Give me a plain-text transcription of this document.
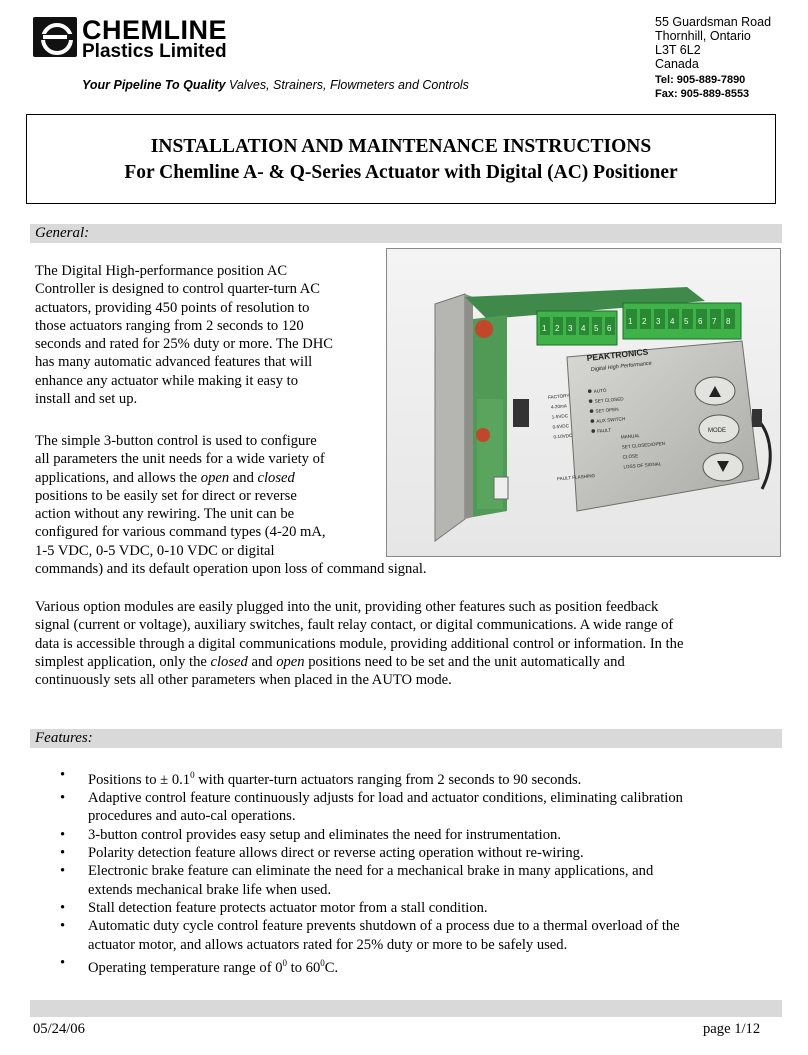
CHEMLINE
Plastics Limited
Your Pipeline To Quality Valves, Strainers, Flowmeters and Controls
55 Guardsman Road
Thornhill, Ontario
L3T 6L2
Canada
Tel: 905-889-7890
Fax: 905-889-8553
INSTALLATION AND MAINTENANCE INSTRUCTIONS
For Chemline A- & Q-Series Actuator with Digital (AC) Positioner
General:
The Digital High-performance position AC
Controller is designed to control quarter-turn AC
actuators, providing 450 points of resolution to
those actuators ranging from 2 seconds to 120
seconds and rated for 25% duty or more. The DHC
has many automatic advanced features that will
enhance any actuator while making it easy to
install and set up.
The simple 3-button control is used to configure
all parameters the unit needs for a wide variety of
applications, and allows the open and closed
positions to be easily set for direct or reverse
action without any rewiring. The unit can be
configured for various command types (4-20 mA,
1-5 VDC, 0-5 VDC, 0-10 VDC or digital
commands) and its default operation upon loss of command signal.
Various option modules are easily plugged into the unit, providing other features such as position feedback
signal (current or voltage), auxiliary switches, fault relay contact, or digital communications. A wide range of
data is accessible through a digital communications module, providing additional control or information. In the
simplest application, only the closed and open positions need to be set and the unit automatically and
continuously sets all other parameters when placed in the AUTO mode.
1 2 3 4 5 6
1 2 3 4 5 6 7 8
PEAKTRONICS
Digital High Performance
AUTO
SET CLOSED
SET OPEN
AUX SWITCH
FAULT
MANUAL
SET CLOSED/OPEN
CLOSE
LOSS OF SIGNAL
FACTORY
4-20mA
1-5VDC
0-5VDC
0-10VDC
FAULT FLASHING
MODE
Features:
• Positions to ± $0.1^0$ with quarter-turn actuators ranging from 2 seconds to 90 seconds.
• Adaptive control feature continuously adjusts for load and actuator conditions, eliminating calibration
procedures and auto-cal operations.
• 3-button control provides easy setup and eliminates the need for instrumentation.
• Polarity detection feature allows direct or reverse acting operation without re-wiring.
• Electronic brake feature can eliminate the need for a mechanical brake in many applications, and
extends mechanical brake life when used.
• Stall detection feature protects actuator motor from a stall condition.
• Automatic duty cycle control feature prevents shutdown of a process due to a thermal overload of the
actuator motor, and allows actuators rated for 25% duty or more to be safely used.
• Operating temperature range of $0^0$ to $60^0C$.
05/24/06	page 1/12
